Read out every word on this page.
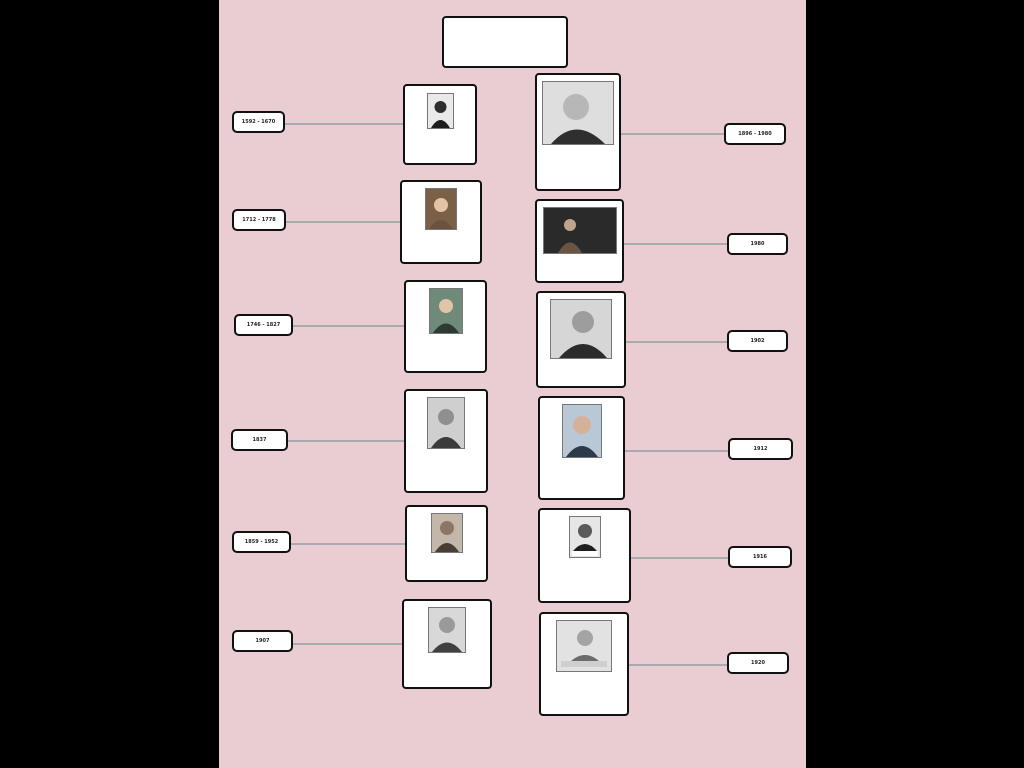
1592 - 1670
1712 - 1778
1746 - 1827
1837
1859 - 1952
1907
1896 - 1980
1980
1902
1912
1916
1920
